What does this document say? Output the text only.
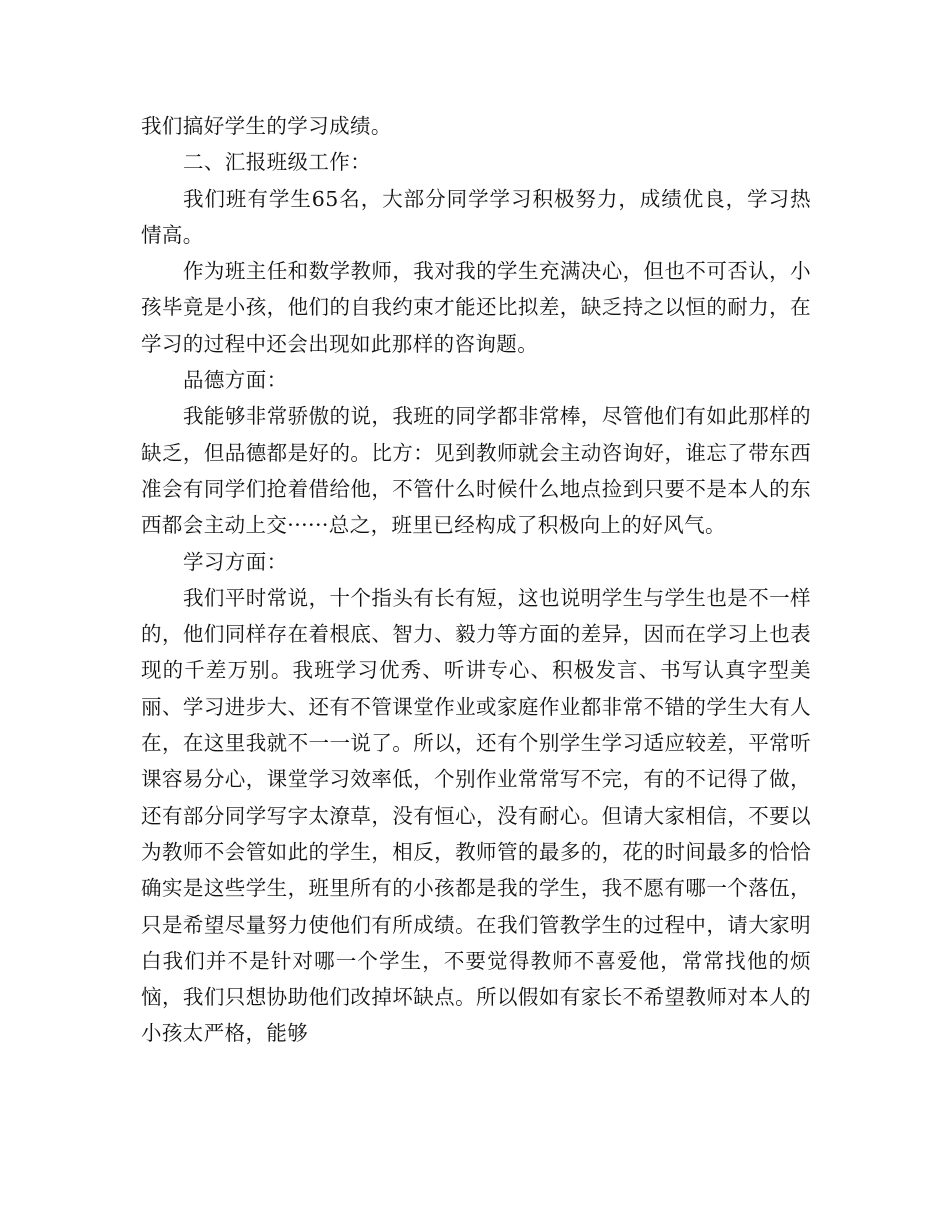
我们搞好学生的学习成绩。

二、汇报班级工作：

我们班有学生65名，大部分同学学习积极努力，成绩优良，学习热情高。

作为班主任和数学教师，我对我的学生充满决心，但也不可否认，小孩毕竟是小孩，他们的自我约束才能还比拟差，缺乏持之以恒的耐力，在学习的过程中还会出现如此那样的咨询题。

品德方面：

我能够非常骄傲的说，我班的同学都非常棒，尽管他们有如此那样的缺乏，但品德都是好的。比方：见到教师就会主动咨询好，谁忘了带东西准会有同学们抢着借给他，不管什么时候什么地点捡到只要不是本人的东西都会主动上交······总之，班里已经构成了积极向上的好风气。

学习方面：

我们平时常说，十个指头有长有短，这也说明学生与学生也是不一样的，他们同样存在着根底、智力、毅力等方面的差异，因而在学习上也表现的千差万别。我班学习优秀、听讲专心、积极发言、书写认真字型美丽、学习进步大、还有不管课堂作业或家庭作业都非常不错的学生大有人在，在这里我就不一一说了。所以，还有个别学生学习适应较差，平常听课容易分心，课堂学习效率低，个别作业常常写不完，有的不记得了做，还有部分同学写字太潦草，没有恒心，没有耐心。但请大家相信，不要以为教师不会管如此的学生，相反，教师管的最多的，花的时间最多的恰恰确实是这些学生，班里所有的小孩都是我的学生，我不愿有哪一个落伍，只是希望尽量努力使他们有所成绩。在我们管教学生的过程中，请大家明白我们并不是针对哪一个学生，不要觉得教师不喜爱他，常常找他的烦恼，我们只想协助他们改掉坏缺点。所以假如有家长不希望教师对本人的小孩太严格，能够
